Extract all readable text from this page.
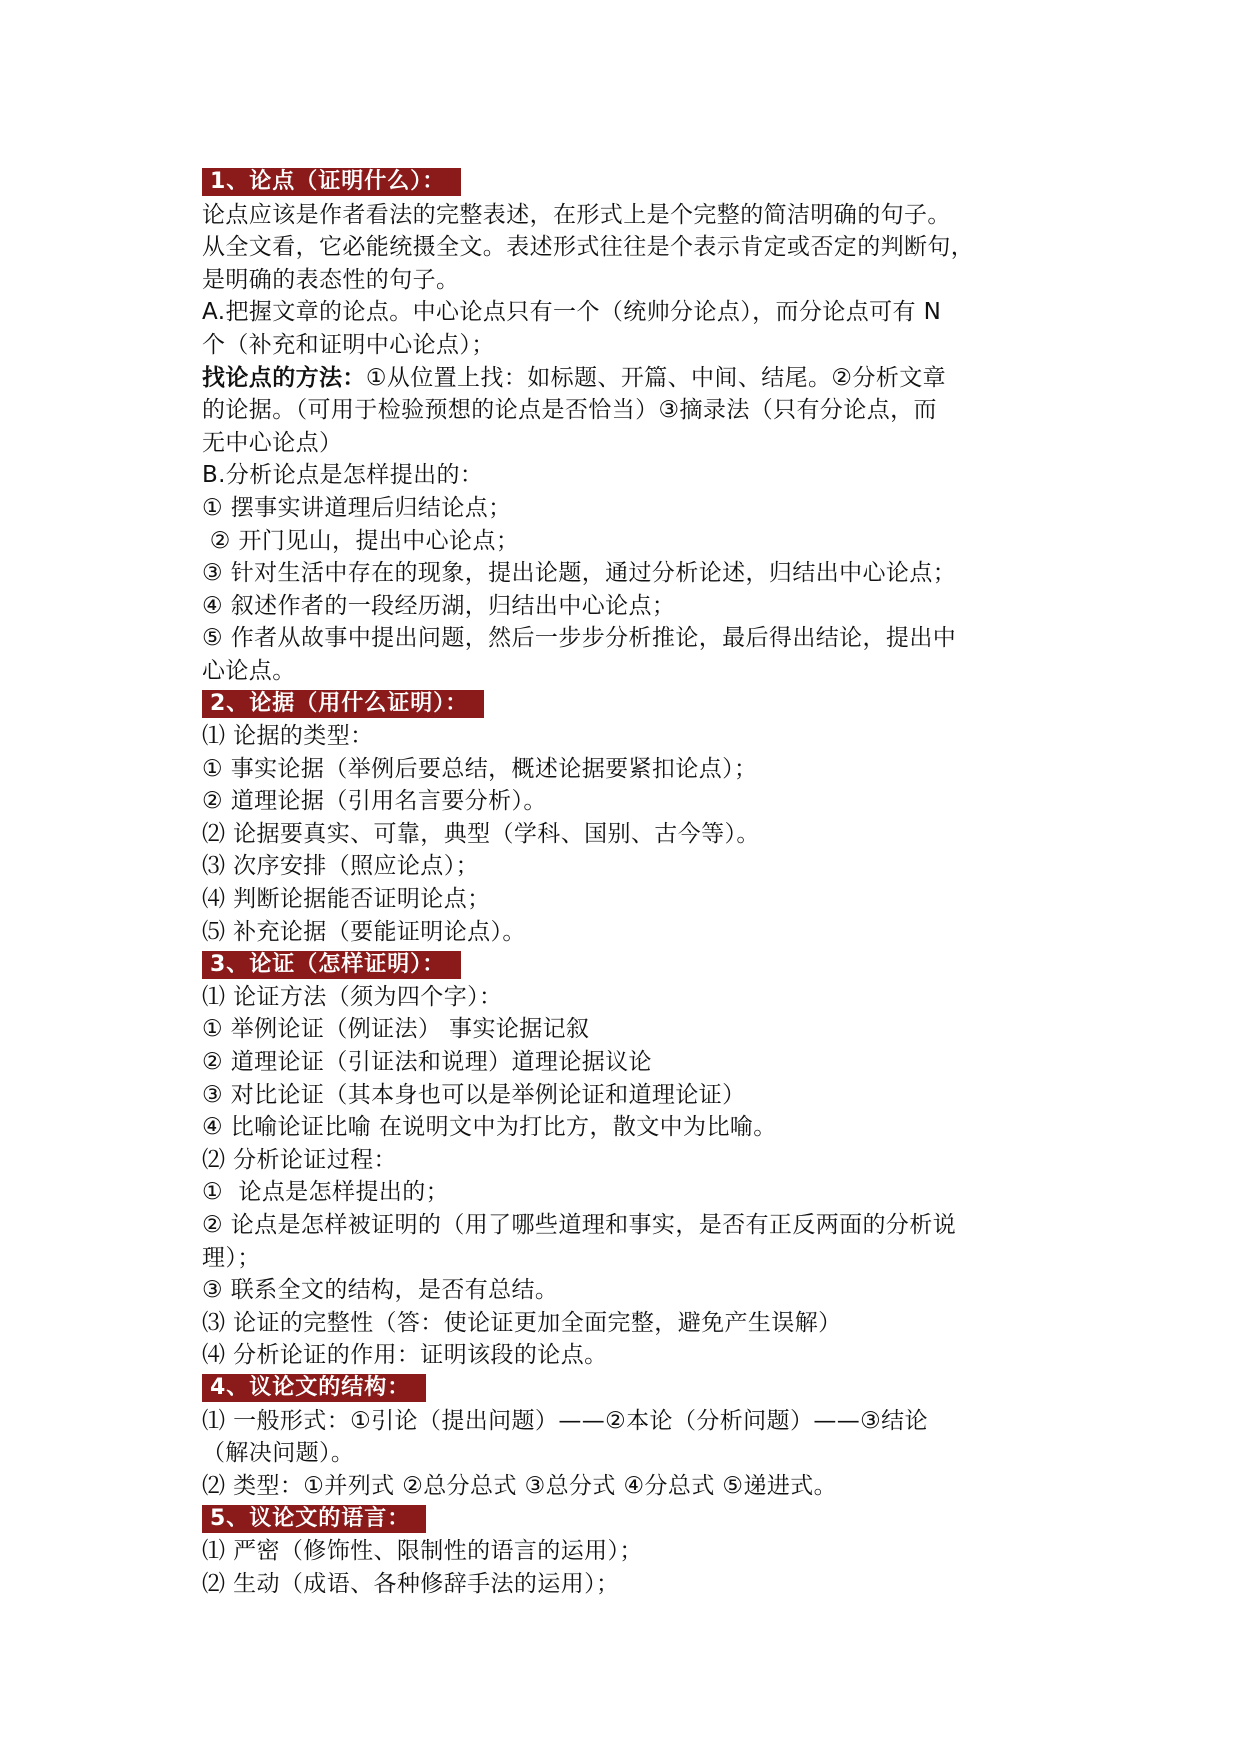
1、论点（证明什么）：
论点应该是作者看法的完整表述，在形式上是个完整的简洁明确的句子。
从全文看，它必能统摄全文。表述形式往往是个表示肯定或否定的判断句，
是明确的表态性的句子。
A.把握文章的论点。中心论点只有一个（统帅分论点），而分论点可有 N
个（补充和证明中心论点）；
找论点的方法：①从位置上找：如标题、开篇、中间、结尾。②分析文章
的论据。（可用于检验预想的论点是否恰当）③摘录法（只有分论点，而
无中心论点）
B.分析论点是怎样提出的：
① 摆事实讲道理后归结论点；
② 开门见山，提出中心论点；
③ 针对生活中存在的现象，提出论题，通过分析论述，归结出中心论点；
④ 叙述作者的一段经历湖，归结出中心论点；
⑤ 作者从故事中提出问题，然后一步步分析推论，最后得出结论，提出中
心论点。
2、论据（用什么证明）：
⑴ 论据的类型：
① 事实论据（举例后要总结，概述论据要紧扣论点）；
② 道理论据（引用名言要分析）。
⑵ 论据要真实、可靠，典型（学科、国别、古今等）。
⑶ 次序安排（照应论点）；
⑷ 判断论据能否证明论点；
⑸ 补充论据（要能证明论点）。
3、论证（怎样证明）：
⑴ 论证方法（须为四个字）：
① 举例论证（例证法） 事实论据记叙
② 道理论证（引证法和说理）道理论据议论
③ 对比论证（其本身也可以是举例论证和道理论证）
④ 比喻论证比喻 在说明文中为打比方，散文中为比喻。
⑵ 分析论证过程：
①  论点是怎样提出的；
② 论点是怎样被证明的（用了哪些道理和事实，是否有正反两面的分析说
理）；
③ 联系全文的结构，是否有总结。
⑶ 论证的完整性（答：使论证更加全面完整，避免产生误解）
⑷ 分析论证的作用：证明该段的论点。
4、议论文的结构：
⑴ 一般形式：①引论（提出问题）——②本论（分析问题）——③结论
（解决问题）。
⑵ 类型：①并列式 ②总分总式 ③总分式 ④分总式 ⑤递进式。
5、议论文的语言：
⑴ 严密（修饰性、限制性的语言的运用）；
⑵ 生动（成语、各种修辞手法的运用）；
